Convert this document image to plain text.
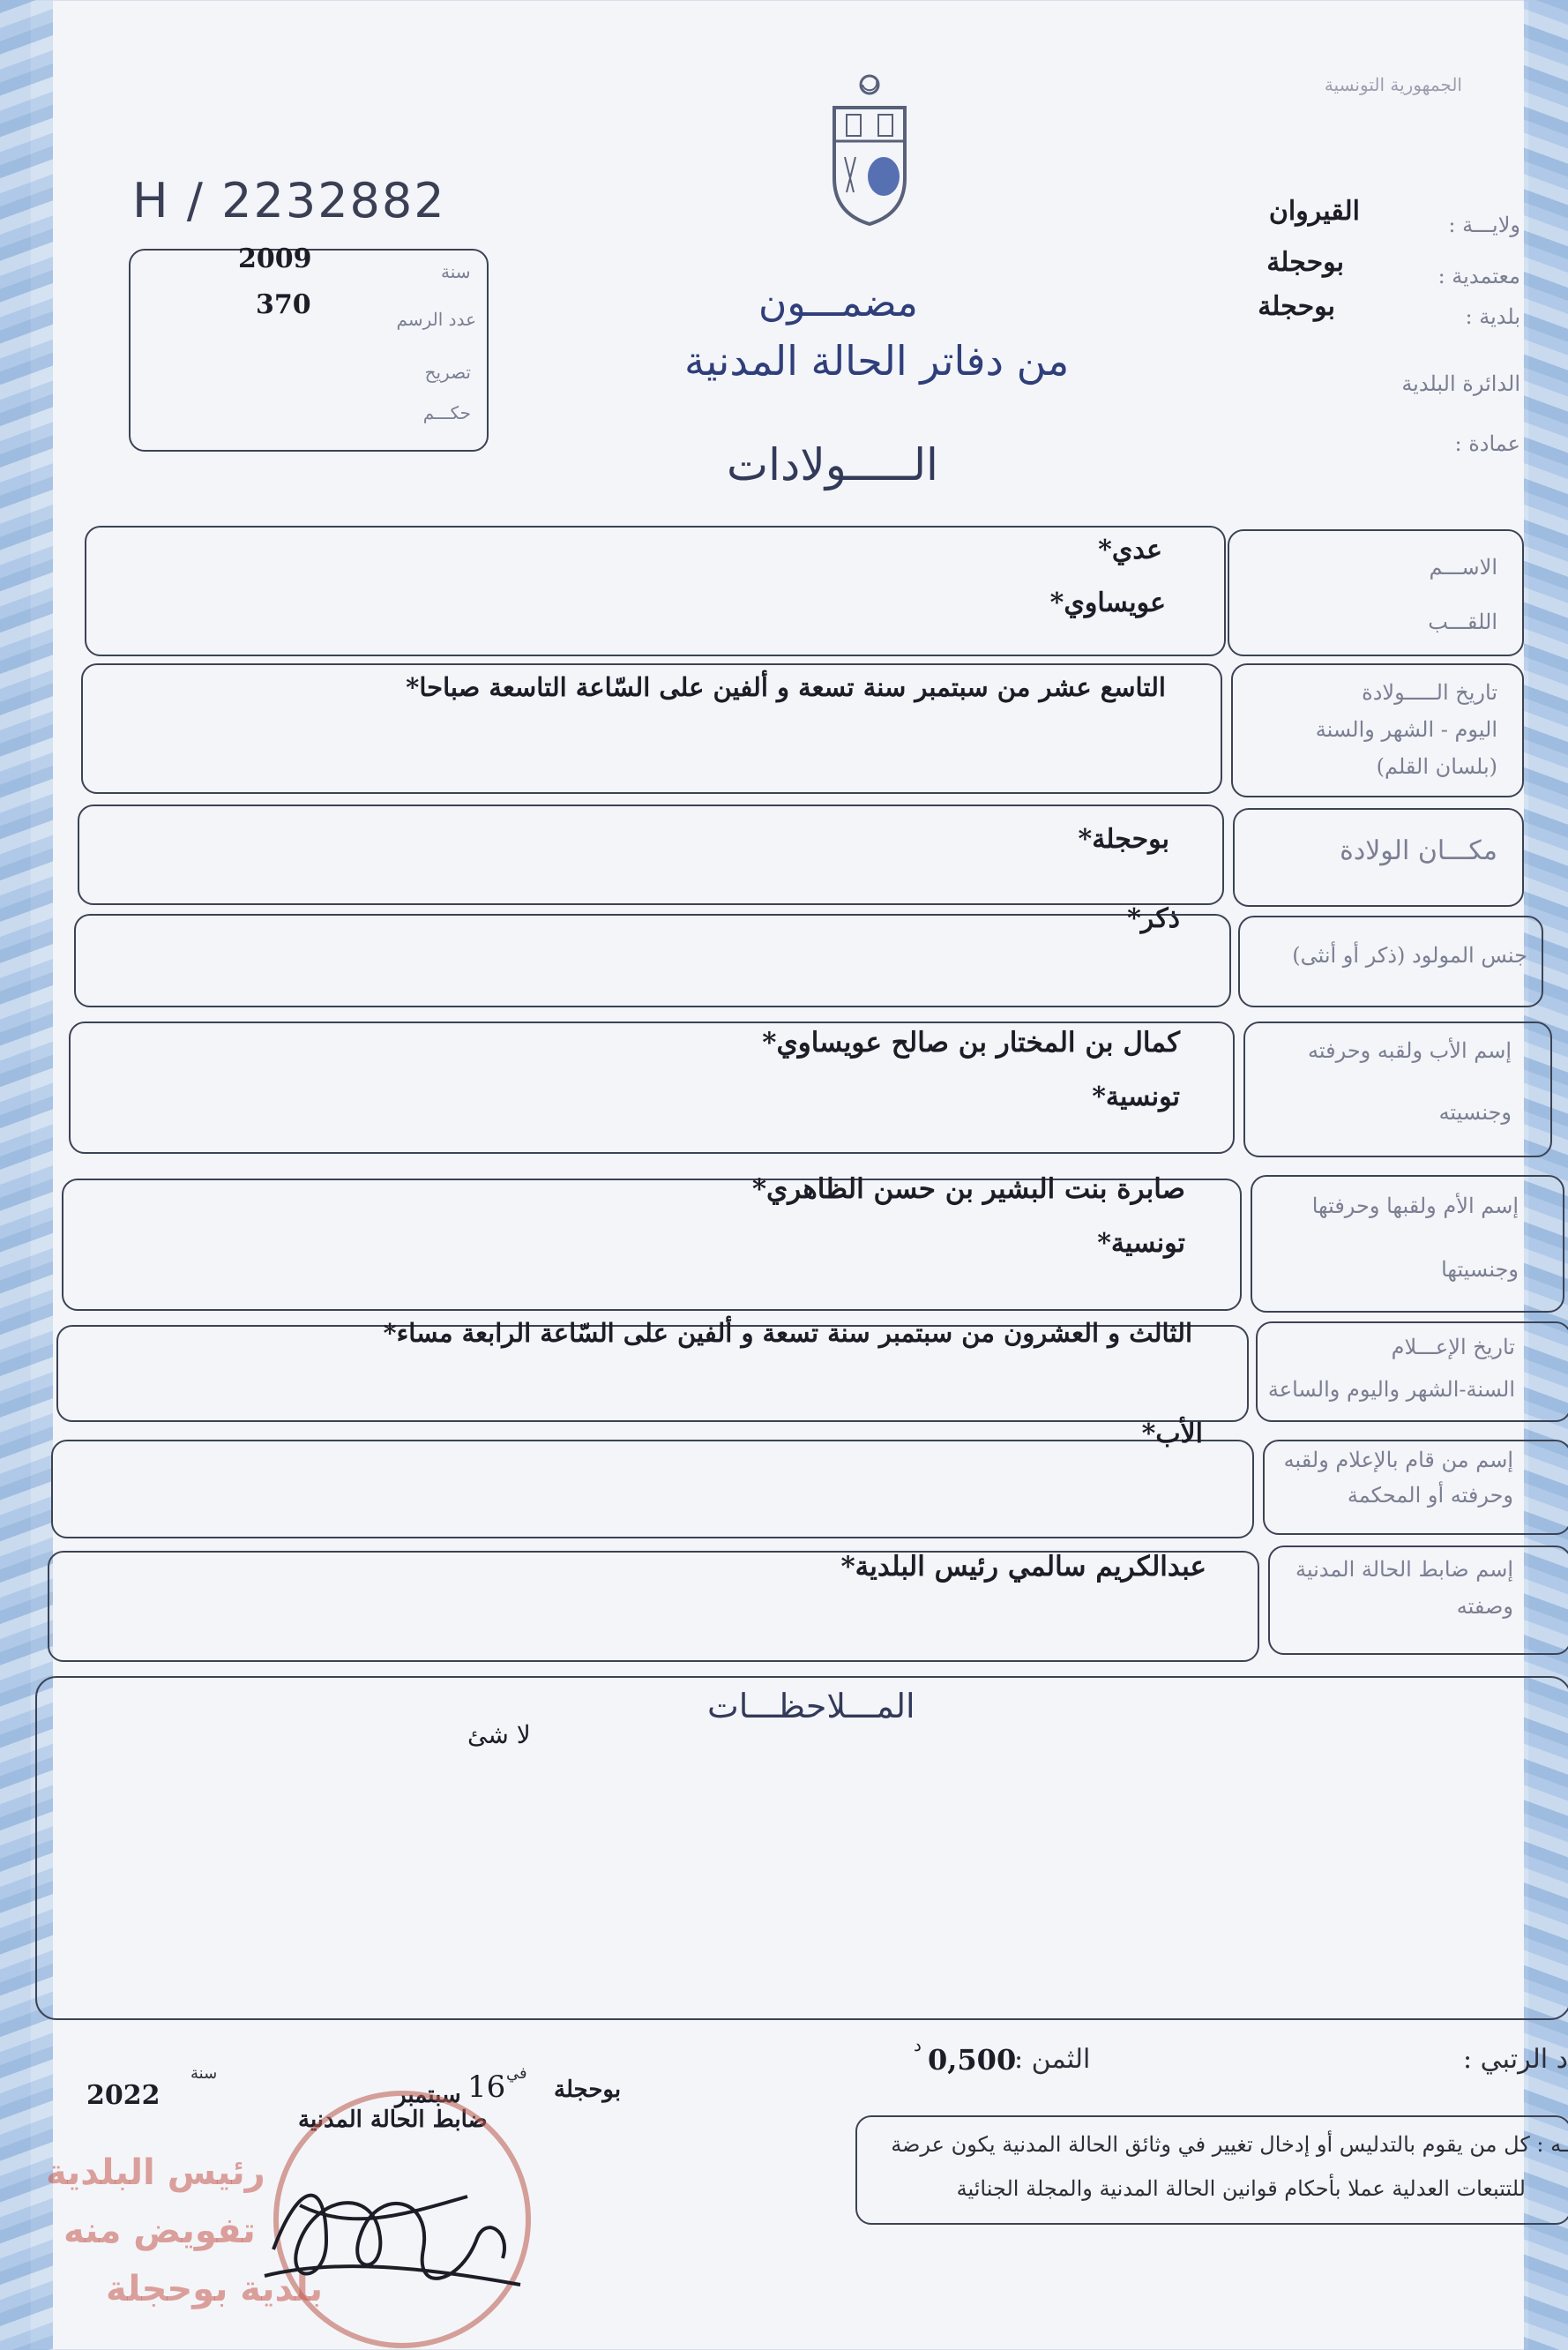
الجمهورية التونسية
H / 2232882
2009	سنة
370	عدد الرسم
تصريح
حكـــم
مضمـــون
من دفاتر الحالة المدنية
الـــــولادات
ولايـــة :
القيروان
معتمدية :
بوحجلة
بلدية :
بوحجلة
الدائرة البلدية
عمادة :
الاســـم
اللقـــب
عدي *
عويساوي *
تاريخ الـــــولادة
اليوم - الشهر والسنة
(بلسان القلم)
التاسع عشر من سبتمبر سنة تسعة و ألفين على السّاعة التاسعة صباحا *
مكـــان الولادة
بوحجلة *
جنس المولود (ذكر أو أنثى)
ذكر *
إسم الأب ولقبه وحرفته
وجنسيته
كمال بن المختار بن صالح عويساوي *
تونسية *
إسم الأم ولقبها وحرفتها
وجنسيتها
صابرة بنت البشير بن حسن الظاهري *
تونسية *
تاريخ الإعـــلام
السنة-الشهر واليوم والساعة
الثالث و العشرون من سبتمبر سنة تسعة و ألفين على السّاعة الرابعة مساء *
إسم من قام بالإعلام ولقبه
وحرفته أو المحكمة
الأب *
إسم ضابط الحالة المدنية
وصفته
عبدالكريم سالمي رئيس البلدية *
المـــلاحظـــات
لا شئ
د الرتبي :
الثمن :
0,500
د
2022
سنة
بوحجلة
في
16
سبتمبر
ضابط الحالة المدنية
ـه : كل من يقوم بالتدليس أو إدخال تغيير في وثائق الحالة المدنية يكون عرضة
للتتبعات العدلية عملا بأحكام قوانين الحالة المدنية والمجلة الجنائية
رئيس البلدية
تفويض منه
بلدية بوحجلة
